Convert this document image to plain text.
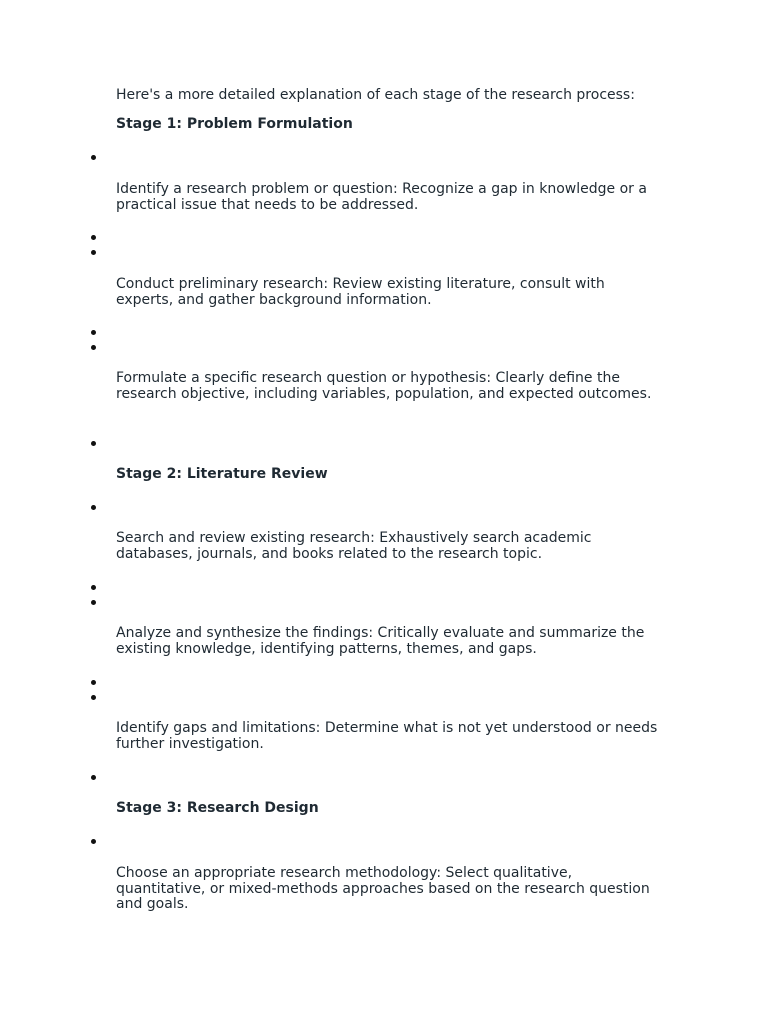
Here's a more detailed explanation of each stage of the research process:

Stage 1: Problem Formulation

Identify a research problem or question: Recognize a gap in knowledge or a practical issue that needs to be addressed.

Conduct preliminary research: Review existing literature, consult with experts, and gather background information.

Formulate a specific research question or hypothesis: Clearly define the research objective, including variables, population, and expected outcomes.

Stage 2: Literature Review

Search and review existing research: Exhaustively search academic databases, journals, and books related to the research topic.

Analyze and synthesize the findings: Critically evaluate and summarize the existing knowledge, identifying patterns, themes, and gaps.

Identify gaps and limitations: Determine what is not yet understood or needs further investigation.

Stage 3: Research Design

Choose an appropriate research methodology: Select qualitative, quantitative, or mixed-methods approaches based on the research question and goals.
